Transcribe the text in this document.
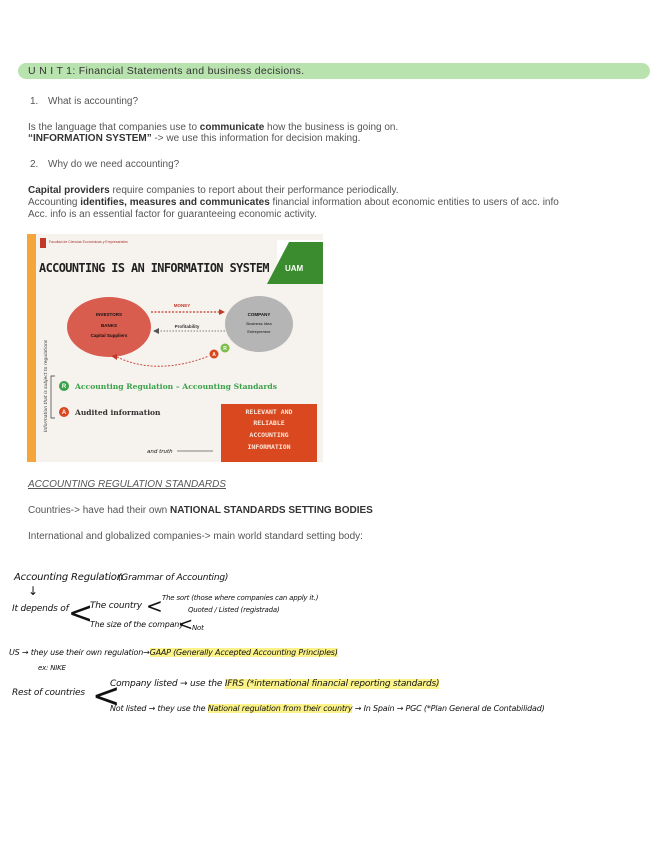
U N I T 1: Financial Statements and business decisions.
1. What is accounting?
Is the language that companies use to communicate how the business is going on.
“INFORMATION SYSTEM” -> we use this information for decision making.
2. Why do we need accounting?
Capital providers require companies to report about their performance periodically.
Accounting identifies, measures and communicates financial information about economic entities to users of acc. info
Acc. info is an essential factor for guaranteeing economic activity.
Facultad de Ciencias Económicas y Empresariales
UAM
ACCOUNTING IS AN INFORMATION SYSTEM
INVESTORS
BANKS
Capital Suppliers
COMPANY
Business Idea
Entrepreneur
MONEY
Profitability
A
R
Information that is subject to regulations R Accounting Regulation – Accounting Standards
A Audited information	RELEVANT AND
RELIABLE
ACCOUNTING
INFORMATION
and truth
ACCOUNTING REGULATION STANDARDS
Countries-> have had their own NATIONAL STANDARDS SETTING BODIES
International and globalized companies-> main world standard setting body:
Accounting Regulation
(Grammar of Accounting)
↓
It depends of <
The country < The sort (those where companies can apply it.)
Quoted / Listed (registrada)
The size of the company
< Not
US → they use their own regulation→GAAP (Generally Accepted Accounting Principles)
ex: NIKE
Rest of countries <
Company listed → use the IFRS (*international financial reporting standards)
Not listed → they use the National regulation from their country → In Spain → PGC (*Plan General de Contabilidad)
